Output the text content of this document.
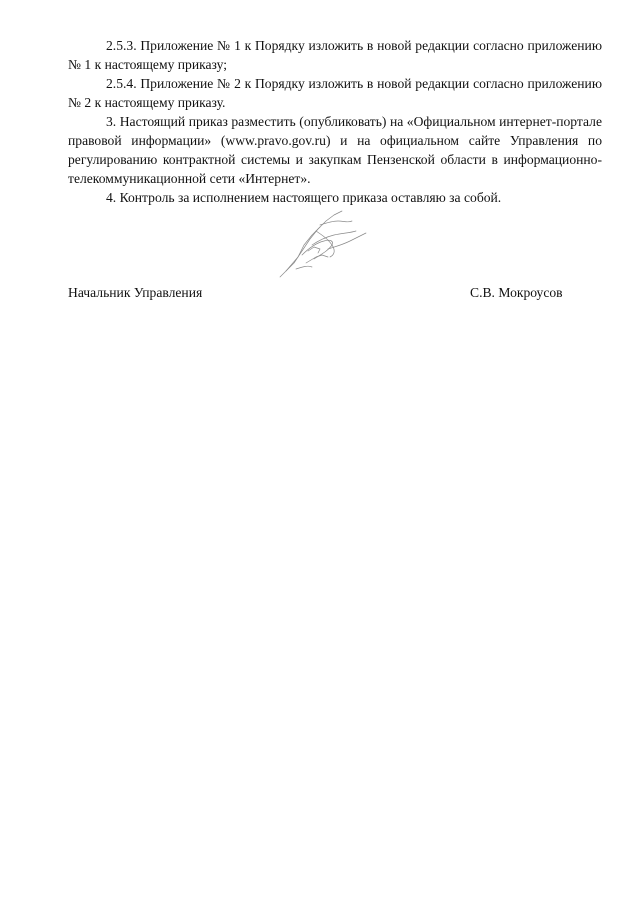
2.5.3. Приложение № 1 к Порядку изложить в новой редакции согласно приложению № 1 к настоящему приказу;

2.5.4. Приложение № 2 к Порядку изложить в новой редакции согласно приложению № 2 к настоящему приказу.

3. Настоящий приказ разместить (опубликовать) на «Официальном интернет-портале правовой информации» (www.pravo.gov.ru) и на официальном сайте Управления по регулированию контрактной системы и закупкам Пензенской области в информационно-телекоммуникационной сети «Интернет».

4. Контроль за исполнением настоящего приказа оставляю за собой.

Начальник Управления	С.В. Мокроусов
